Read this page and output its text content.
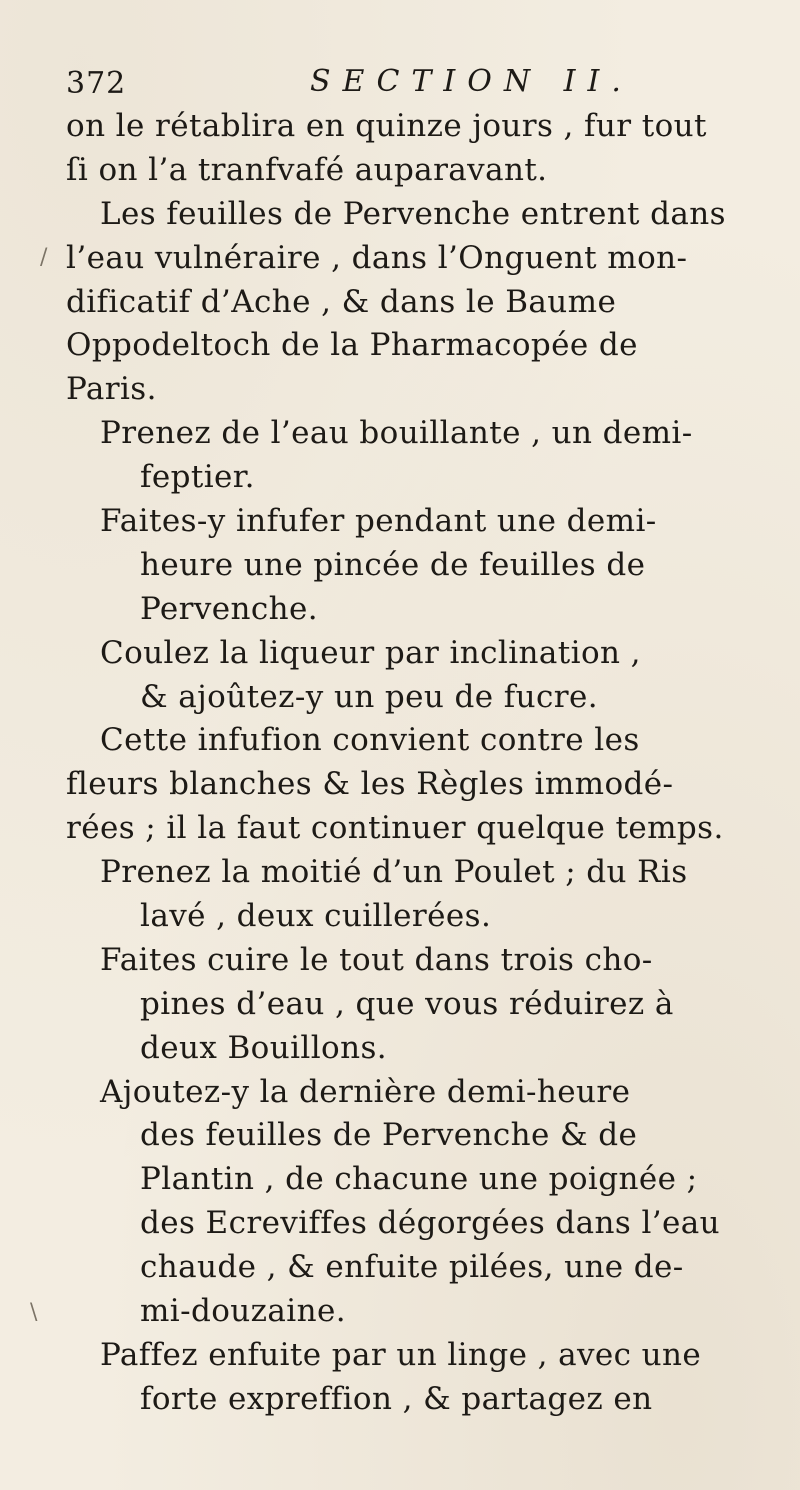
372	SECTION II.
on le rétablira en quinze jours , fur tout
ſi on l’a tranfvafé auparavant.
Les feuilles de Pervenche entrent dans
l’eau vulnéraire , dans l’Onguent mon-
dificatif d’Ache , & dans le Baume
Oppodeltoch de la Pharmacopée de
Paris.
Prenez de l’eau bouillante , un demi-
feptier.
Faites-y infufer pendant une demi-
heure une pincée de feuilles de
Pervenche.
Coulez la liqueur par inclination ,
& ajoûtez-y un peu de fucre.
Cette infufion convient contre les
fleurs blanches & les Règles immodé-
rées ; il la faut continuer quelque temps.
Prenez la moitié d’un Poulet ; du Ris
lavé , deux cuillerées.
Faites cuire le tout dans trois cho-
pines d’eau , que vous réduirez à
deux Bouillons.
Ajoutez-y la dernière demi-heure
des feuilles de Pervenche & de
Plantin , de chacune une poignée ;
des Ecreviffes dégorgées dans l’eau
chaude , & enfuite pilées, une de-
mi-douzaine.
Paffez enfuite par un linge , avec une
forte expreffion , & partagez en
/
\
